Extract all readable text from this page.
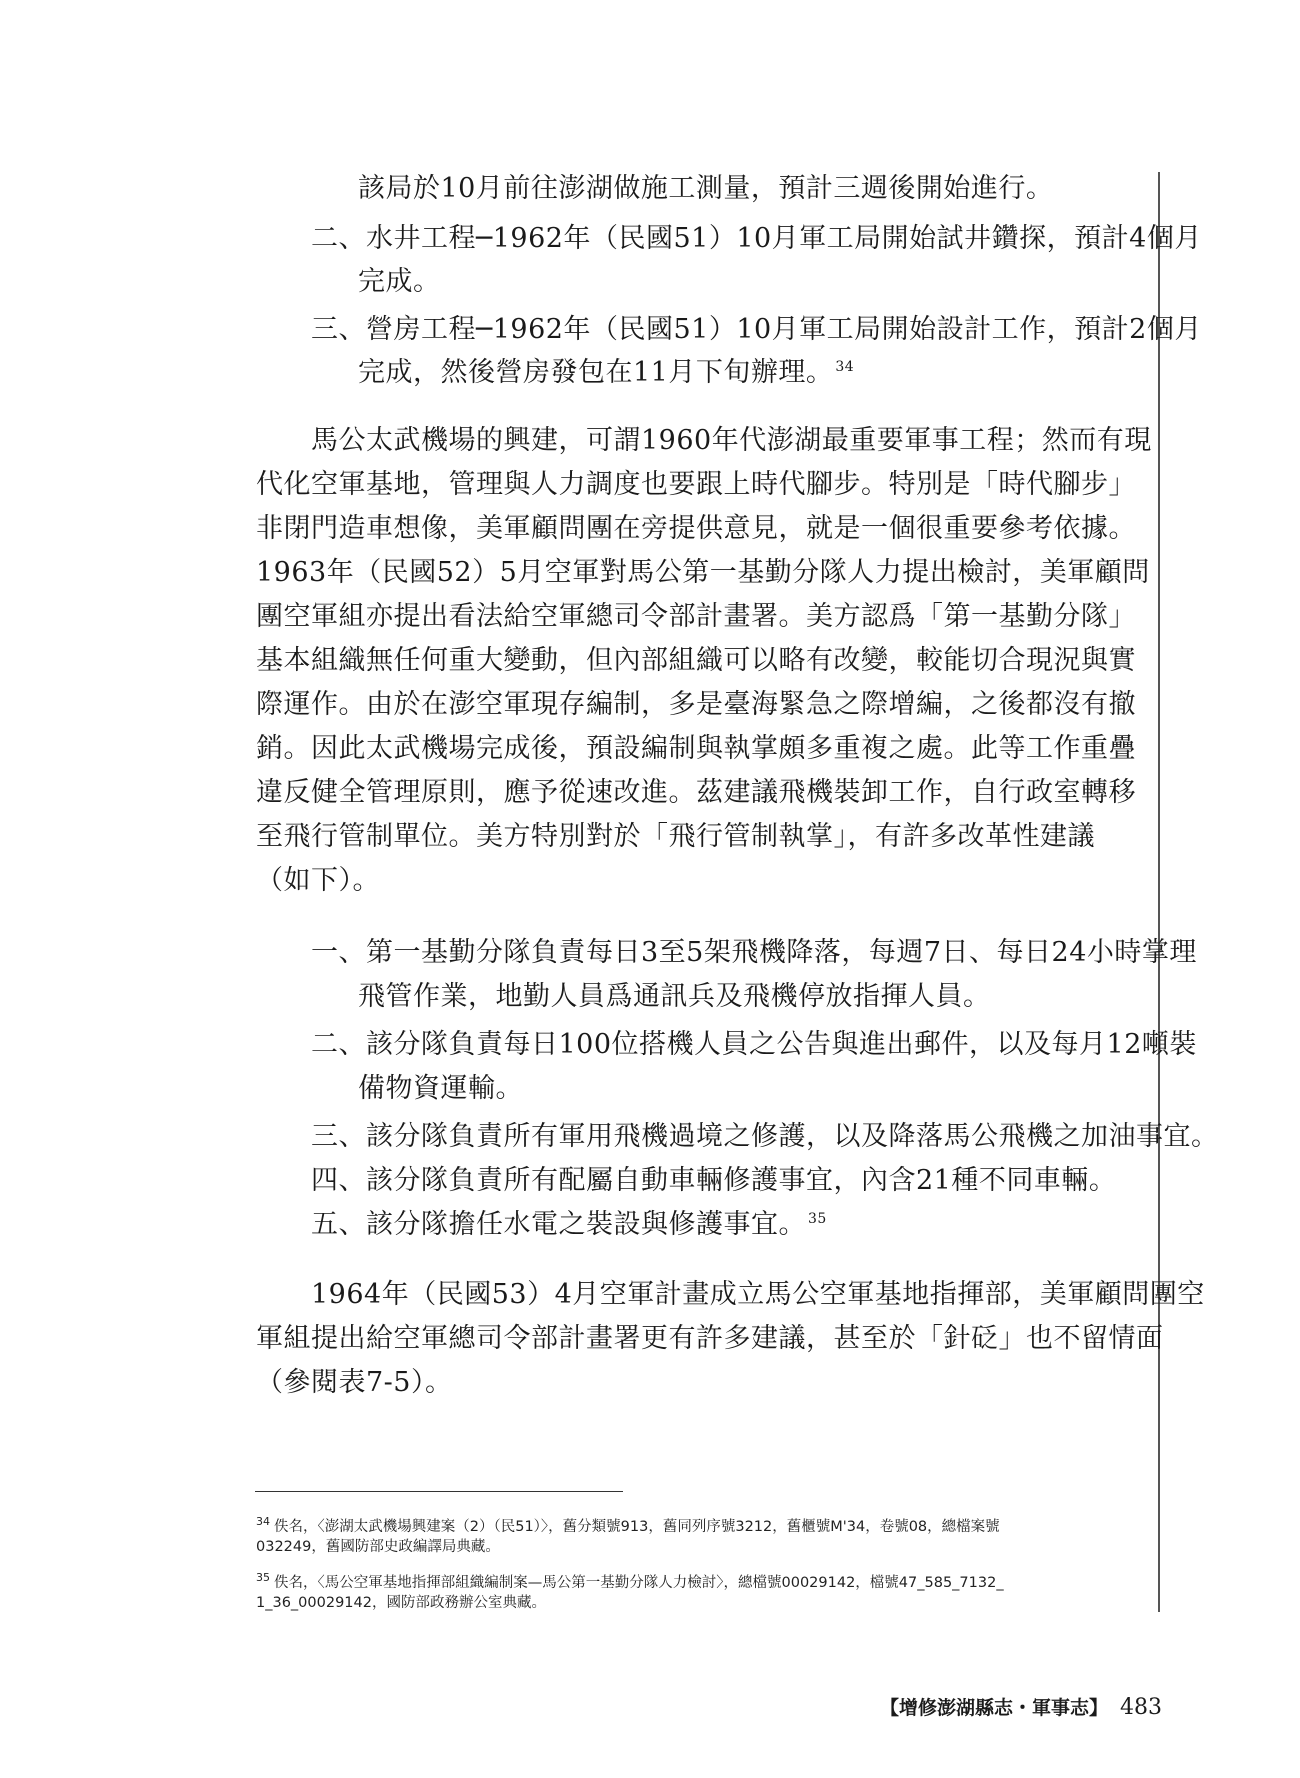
該局於10月前往澎湖做施工測量，預計三週後開始進行。
二、水井工程─1962年（民國51）10月軍工局開始試井鑽探，預計4個月
完成。
三、營房工程─1962年（民國51）10月軍工局開始設計工作，預計2個月
完成，然後營房發包在11月下旬辦理。 $^{34}$
馬公太武機場的興建，可謂1960年代澎湖最重要軍事工程；然而有現
代化空軍基地，管理與人力調度也要跟上時代腳步。特別是「時代腳步」
非閉門造車想像，美軍顧問團在旁提供意見，就是一個很重要參考依據。
1963年（民國52）5月空軍對馬公第一基勤分隊人力提出檢討，美軍顧問
團空軍組亦提出看法給空軍總司令部計畫署。美方認爲「第一基勤分隊」
基本組織無任何重大變動，但內部組織可以略有改變，較能切合現況與實
際運作。由於在澎空軍現存編制，多是臺海緊急之際增編，之後都沒有撤
銷。因此太武機場完成後，預設編制與執掌頗多重複之處。此等工作重疊
違反健全管理原則，應予從速改進。茲建議飛機裝卸工作，自行政室轉移
至飛行管制單位。美方特別對於「飛行管制執掌」，有許多改革性建議
（如下）。
一、第一基勤分隊負責每日3至5架飛機降落，每週7日、每日24小時掌理
飛管作業，地勤人員爲通訊兵及飛機停放指揮人員。
二、該分隊負責每日100位搭機人員之公告與進出郵件，以及每月12噸裝
備物資運輸。
三、該分隊負責所有軍用飛機過境之修護，以及降落馬公飛機之加油事宜。
四、該分隊負責所有配屬自動車輛修護事宜，內含21種不同車輛。
五、該分隊擔任水電之裝設與修護事宜。 $^{35}$
1964年（民國53）4月空軍計畫成立馬公空軍基地指揮部，美軍顧問團空
軍組提出給空軍總司令部計畫署更有許多建議，甚至於「針砭」也不留情面
（參閱表7-5）。
$^{34}$ 佚名，〈澎湖太武機場興建案（2）（民51）〉，舊分類號913，舊同列序號3212，舊櫃號M'34，卷號08，總檔案號
032249，舊國防部史政編譯局典藏。
$^{35}$ 佚名，〈馬公空軍基地指揮部組織編制案—馬公第一基勤分隊人力檢討〉，總檔號00029142，檔號47_585_7132_
1_36_00029142，國防部政務辦公室典藏。
【增修澎湖縣志・軍事志】 483
